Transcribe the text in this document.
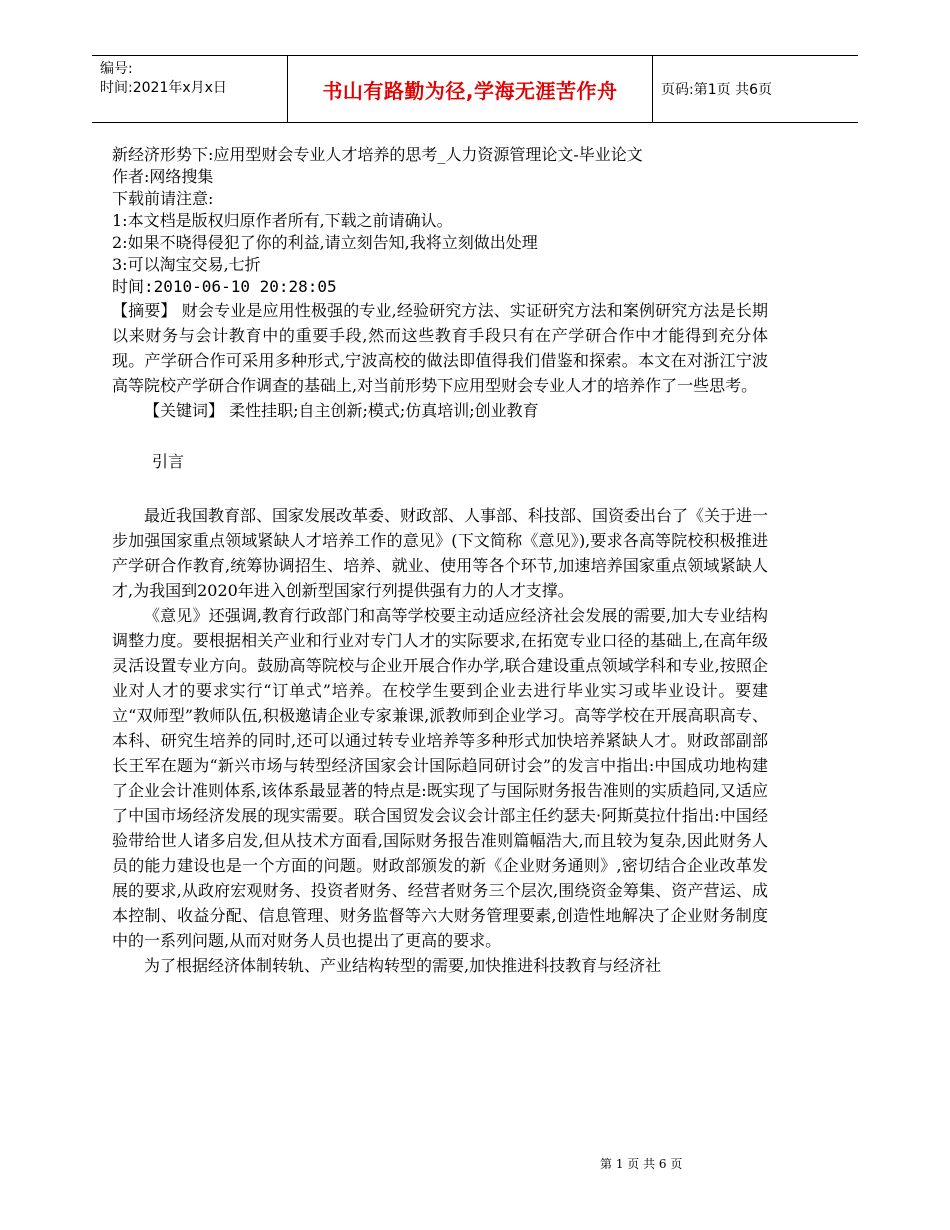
编号:
时间:2021年x月x日	书山有路勤为径,学海无涯苦作舟	页码:第1页 共6页
新经济形势下:应用型财会专业人才培养的思考_人力资源管理论文-毕业论文
作者:网络搜集
下载前请注意:
1:本文档是版权归原作者所有,下载之前请确认。
2:如果不晓得侵犯了你的利益,请立刻告知,我将立刻做出处理
3:可以淘宝交易,七折
时间:2010-06-10 20:28:05

【摘要】 财会专业是应用性极强的专业,经验研究方法、实证研究方法和案例研究方法是长期以来财务与会计教育中的重要手段,然而这些教育手段只有在产学研合作中才能得到充分体现。产学研合作可采用多种形式,宁波高校的做法即值得我们借鉴和探索。本文在对浙江宁波高等院校产学研合作调查的基础上,对当前形势下应用型财会专业人才的培养作了一些思考。

【关键词】 柔性挂职;自主创新;模式;仿真培训;创业教育

引言

最近我国教育部、国家发展改革委、财政部、人事部、科技部、国资委出台了《关于进一步加强国家重点领域紧缺人才培养工作的意见》(下文简称《意见》),要求各高等院校积极推进产学研合作教育,统筹协调招生、培养、就业、使用等各个环节,加速培养国家重点领域紧缺人才,为我国到2020年进入创新型国家行列提供强有力的人才支撑。

《意见》还强调,教育行政部门和高等学校要主动适应经济社会发展的需要,加大专业结构调整力度。要根据相关产业和行业对专门人才的实际要求,在拓宽专业口径的基础上,在高年级灵活设置专业方向。鼓励高等院校与企业开展合作办学,联合建设重点领域学科和专业,按照企业对人才的要求实行“订单式”培养。在校学生要到企业去进行毕业实习或毕业设计。要建立“双师型”教师队伍,积极邀请企业专家兼课,派教师到企业学习。高等学校在开展高职高专、本科、研究生培养的同时,还可以通过转专业培养等多种形式加快培养紧缺人才。财政部副部长王军在题为“新兴市场与转型经济国家会计国际趋同研讨会”的发言中指出:中国成功地构建了企业会计准则体系,该体系最显著的特点是:既实现了与国际财务报告准则的实质趋同,又适应了中国市场经济发展的现实需要。联合国贸发会议会计部主任约瑟夫·阿斯莫拉什指出:中国经验带给世人诸多启发,但从技术方面看,国际财务报告准则篇幅浩大,而且较为复杂,因此财务人员的能力建设也是一个方面的问题。财政部颁发的新《企业财务通则》,密切结合企业改革发展的要求,从政府宏观财务、投资者财务、经营者财务三个层次,围绕资金筹集、资产营运、成本控制、收益分配、信息管理、财务监督等六大财务管理要素,创造性地解决了企业财务制度中的一系列问题,从而对财务人员也提出了更高的要求。

为了根据经济体制转轨、产业结构转型的需要,加快推进科技教育与经济社

第 1 页 共 6 页
